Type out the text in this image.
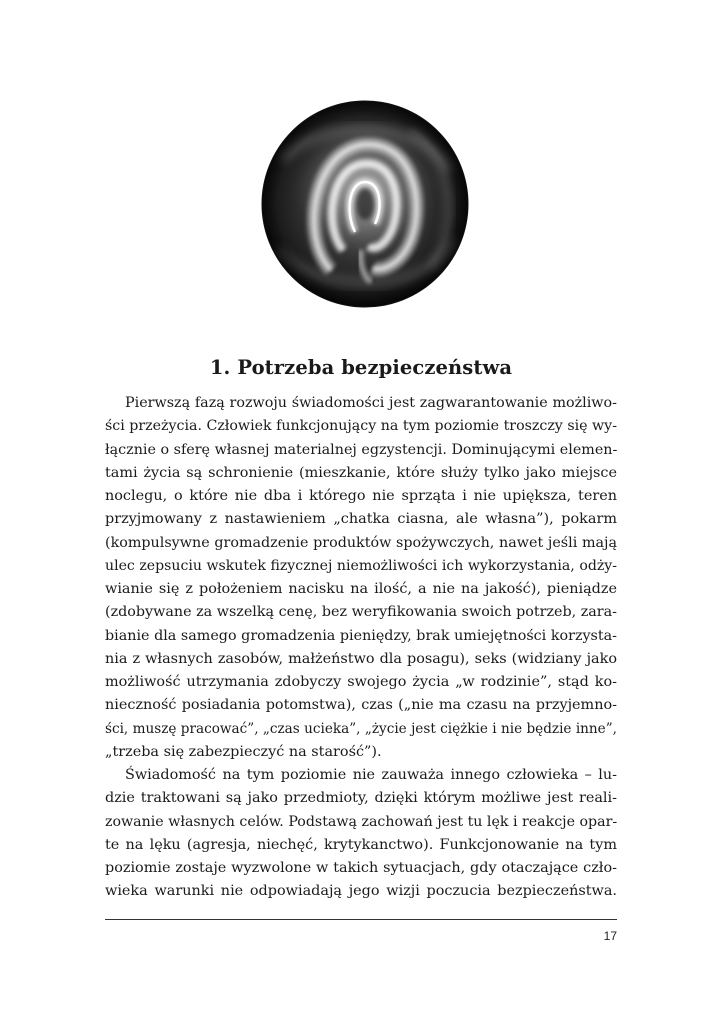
1. Potrzeba bezpieczeństwa
Pierwszą fazą rozwoju świadomości jest zagwarantowanie możliwo-
ści przeżycia. Człowiek funkcjonujący na tym poziomie troszczy się wy-
łącznie o sferę własnej materialnej egzystencji. Dominującymi elemen-
tami życia są schronienie (mieszkanie, które służy tylko jako miejsce
noclegu, o które nie dba i którego nie sprząta i nie upiększa, teren
przyjmowany z nastawieniem „chatka ciasna, ale własna”), pokarm
(kompulsywne gromadzenie produktów spożywczych, nawet jeśli mają
ulec zepsuciu wskutek fizycznej niemożliwości ich wykorzystania, odży-
wianie się z położeniem nacisku na ilość, a nie na jakość), pieniądze
(zdobywane za wszelką cenę, bez weryfikowania swoich potrzeb, zara-
bianie dla samego gromadzenia pieniędzy, brak umiejętności korzysta-
nia z własnych zasobów, małżeństwo dla posagu), seks (widziany jako
możliwość utrzymania zdobyczy swojego życia „w rodzinie”, stąd ko-
nieczność posiadania potomstwa), czas („nie ma czasu na przyjemno-
ści, muszę pracować”, „czas ucieka”, „życie jest ciężkie i nie będzie inne”,
„trzeba się zabezpieczyć na starość”).
Świadomość na tym poziomie nie zauważa innego człowieka – lu-
dzie traktowani są jako przedmioty, dzięki którym możliwe jest reali-
zowanie własnych celów. Podstawą zachowań jest tu lęk i reakcje opar-
te na lęku (agresja, niechęć, krytykanctwo). Funkcjonowanie na tym
poziomie zostaje wyzwolone w takich sytuacjach, gdy otaczające czło-
wieka warunki nie odpowiadają jego wizji poczucia bezpieczeństwa.
17
